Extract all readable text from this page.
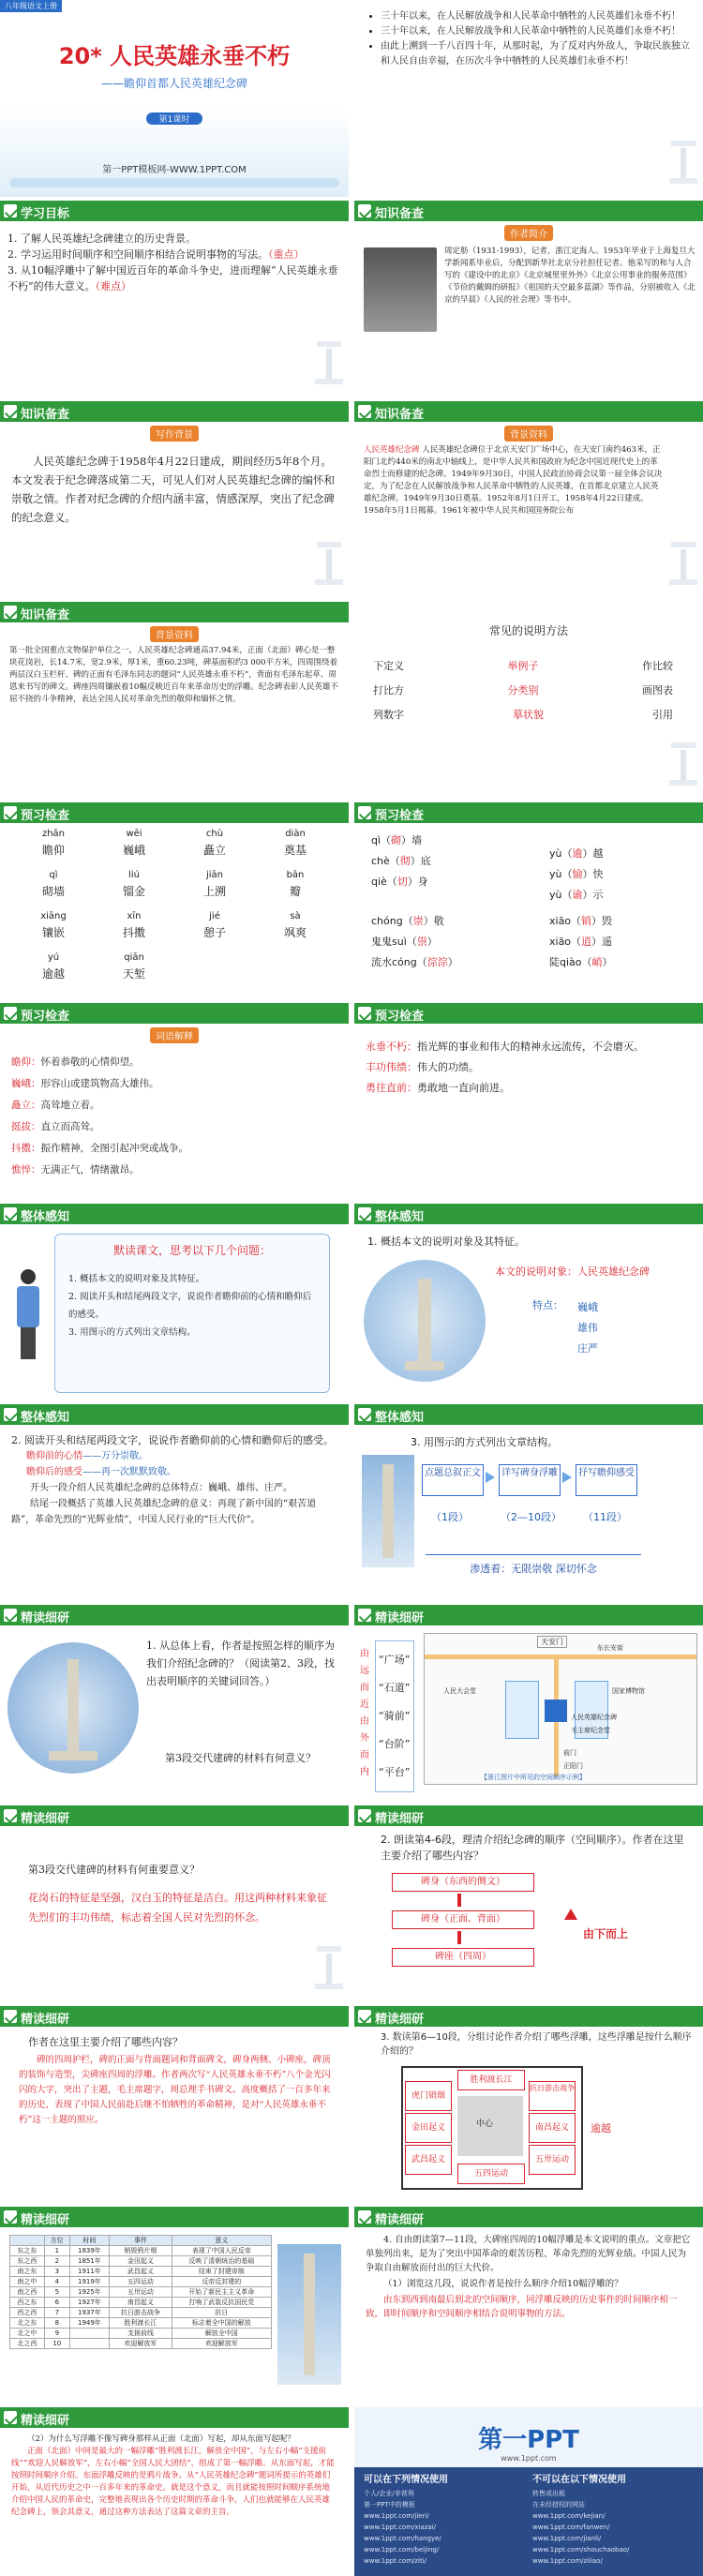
八年级语文上册
20* 人民英雄永垂不朽
——瞻仰首都人民英雄纪念碑
第1课时
第一PPT模板网-WWW.1PPT.COM
• 三十年以来，在人民解放战争和人民革命中牺牲的人民英雄们永垂不朽！
• 三十年以来，在人民解放战争和人民革命中牺牲的人民英雄们永垂不朽！
• 由此上溯到一千八百四十年，从那时起，为了反对内外敌人，争取民族独立和人民自由幸福，在历次斗争中牺牲的人民英雄们永垂不朽！
学习目标
1. 了解人民英雄纪念碑建立的历史背景。
2. 学习运用时间顺序和空间顺序相结合说明事物的写法。（重点）
3. 从10幅浮雕中了解中国近百年的革命斗争史，进而理解“人民英雄永垂不朽”的伟大意义。（难点）
知识备查
作者简介
周定舫（1931-1993），记者，浙江定海人。1953年毕业于上海复旦大学新闻系毕业后，分配到新华社北京分社担任记者。他采写的和与人合写的《建设中的北京》《北京城里里外外》《北京公用事业的服务范围》《节俭的戴姆的研报》《祖国的天空最多蓝湖》等作品，分别被收入《北京的早晨》《人民的社会理》等书中。
知识备查
写作背景
人民英雄纪念碑于1958年4月22日建成，期间经历5年8个月。本文发表于纪念碑落成第二天，可见人们对人民英雄纪念碑的编怀和崇敬之情。作者对纪念碑的介绍内涵丰富，情感深厚，突出了纪念碑的纪念意义。
知识备查
背景资料
人民英雄纪念碑 人民英雄纪念碑位于北京天安门广场中心，在天安门南约463米，正阳门北约440米的南北中轴线上，是中华人民共和国政府为纪念中国近现代史上的革命烈士而修建的纪念碑。1949年9月30日，中国人民政治协商会议第一届全体会议决定，为了纪念在人民解放战争和人民革命中牺牲的人民英雄，在首都北京建立人民英雄纪念碑。1949年9月30日奠基。1952年8月1日开工，1958年4月22日建成。1958年5月1日揭幕。1961年被中华人民共和国国务院公布
知识备查
背景资料
第一批全国重点文物保护单位之一。人民英雄纪念碑通高37.94米，正面（北面）碑心是一整块花岗岩，长14.7米，宽2.9米，厚1米，重60.23吨，碑基面积约3 000平方米，四周围绕着两层汉白玉栏杆。碑的正面有毛泽东同志的题词“人民英雄永垂不朽”，背面有毛泽东起草、周恩来书写的碑文。碑座四周镶嵌着10幅反映近百年来革命历史的浮雕。纪念碑表彰人民英雄不屈不挠的斗争精神，表达全国人民对革命先烈的敬仰和缅怀之情。
常见的说明方法
下定义	举例子	作比较
打比方	分类别	画图表
列数字	摹状貌	引用
预习检查
zhān	wēi	chù	diàn
瞻仰	巍峨	矗立	奠基
qì	liú	jiān	bān
砌墙	镏金	上溯	瓣
xiāng	xīn	jié	sà
镶嵌	抖擞	憩子	飒爽
yú	qiān
逾越	天堑
预习检查
qì（砌）墙
chè（彻）底
qiè（切）身
yù（逾）越
yù（愉）快
yù（谕）示
chóng（崇）敬
鬼鬼suì（祟）
流水cóng（淙淙）
xiāo（销）毁
xiāo（逍）遥
陡qiào（峭）
预习检查
词语解释
瞻仰：怀着恭敬的心情仰望。
巍峨：形容山或建筑物高大雄伟。
矗立：高耸地立着。
挺拔：直立而高耸。
抖擞：振作精神，全图引起冲突或战争。
憔悴：无满正气，情绪激昂。
预习检查
永垂不朽：指光辉的事业和伟大的精神永远流传，不会磨灭。
丰功伟绩：伟大的功绩。
勇往直前：勇敢地一直向前进。
整体感知
默读课文，思考以下几个问题：
1. 概括本文的说明对象及其特征。
2. 阅读开头和结尾两段文字，说说作者瞻仰前的心情和瞻仰后的感受。
3. 用图示的方式列出文章结构。
整体感知
1. 概括本文的说明对象及其特征。
本文的说明对象：人民英雄纪念碑
特点： 巍峨
雄伟
庄严
整体感知
2. 阅读开头和结尾两段文字，说说作者瞻仰前的心情和瞻仰后的感受。
瞻仰前的心情——万分崇敬。
瞻仰后的感受——再一次默默致敬。
开头一段介绍人民英雄纪念碑的总体特点：巍峨、雄伟、庄严。
结尾一段概括了英雄人民英雄纪念碑的意义：再现了新中国的“艰苦道路”，革命先烈的“光辉业绩”，中国人民行业的“巨大代价”。
整体感知
3. 用图示的方式列出文章结构。
点题总叙正文	详写碑身浮雕	抒写瞻仰感受
（1段）	（2—10段） （11段）
渗透着：无限崇敬 深切怀念
精读细研
1. 从总体上看，作者是按照怎样的顺序为我们介绍纪念碑的？（阅读第2、3段，找出表明顺序的关键词回答。）
第3段交代建碑的材料有何意义？
精读细研
由
远
而
近
由
外
而
内
“广场”
“石道”
“骑前”
“台阶”
“平台”
天安门
东长安街
国家博物馆
人民大会堂
人民英雄纪念碑
毛主席纪念堂
前门
正阳门
【浙江图片中所见的空间顺序示例】
精读细研
第3段交代建碑的材料有何重要意义？
花岗石的特征是坚强，汉白玉的特征是洁白。用这两种材料来象征先烈们的丰功伟绩，标志着全国人民对先烈的怀念。
精读细研
2. 朗读第4-6段，理清介绍纪念碑的顺序（空间顺序）。作者在这里主要介绍了哪些内容？
碑身（东西的侧文）
碑身（正面、背面）
碑座（四周）
由下而上
精读细研
作者在这里主要介绍了哪些内容？
碑的四周护栏，碑的正面与背面题词和背面碑文，碑身两侧、小碑座，碑顶的装饰与造型，尖碑座四周的浮雕。作者两次写“人民英雄永垂不朽”八个金光闪闪的大字，突出了主题，毛主席题字，周总理手书碑文。高度概括了一百多年来的历史，表现了中国人民前赴后继不怕牺牲的革命精神，是对“人民英雄永垂不朽”这一主题的照应。
精读细研
3. 数读第6—10段，分组讨论作者介绍了哪些浮雕，这些浮雕是按什么顺序介绍的？
中心
虎门销烟
金田起义
武昌起义
五四运动
五卅运动
南昌起义
抗日游击战争
胜利渡长江
逾越
精读细研
	方位	时间	事件	意义
东之东	1	1839年	销毁鸦片烟	表现了中国人民反帝
东之西	2	1851年	金田起义	反映了清朝统治的基础
南之东	3	1911年	武昌起义	结束了封建帝制
南之中	4	1919年	五四运动	反帝反封建的
南之西	5	1925年	五卅运动	开始了新民主主义革命
西之东	6	1927年	南昌起义	打响了武装反抗国民党
西之西	7	1937年	抗日游击战争	抗日
北之东	8	1949年	胜利渡长江	标志着全中国的解放
北之中	9		支援前线	解放全中国
北之西	10		欢迎解放军	欢迎解放军
精读细研
4. 自由朗读第7—11段，大碑座四周的10幅浮雕是本文说明的重点。文章把它单独列出来，是为了突出中国革命的艰苦历程、革命先烈的光辉业绩。中国人民为争取自由解放而付出的巨大代价。
（1）浏览这几段，说说作者是按什么顺序介绍10幅浮雕的？
由东到西到南最后到北的空间顺序，同浮雕反映的历史事件的时间顺序相一致，即时间顺序和空间顺序相结合说明事物的方法。
精读细研
（2）为什么写浮雕不像写碑身那样从正面（北面）写起，却从东面写起呢？
正面（北面）中间是最大的一幅浮雕“胜利渡长江，解放全中国”，与左右小幅“支援前线”“欢迎人民解放军”，左右小幅“全国人民大团结”，组成了第一幅浮雕。从东面写起，才能按照时间顺序介绍。东面浮雕反映的是鸦片战争。从“人民英雄纪念碑”题词所提示的英雄们开始，从近代历史之中一百多年来的革命史。就是这个意义，而且就能按照时间顺序系统地介绍中国人民的革命史，完整地表现出各个历史时期的革命斗争，人们也就能够在人民英雄纪念碑上，领会其意义，通过这种方法表达了这篇文章的主旨。
第一PPT
www.1ppt.com
可以在下列情况使用	不可以在以下情况使用
个人/企业/非营利
第一PPT中的模板
www.1ppt.com/jieri/
www.1ppt.com/xiazai/
www.1ppt.com/hangye/
www.1ppt.com/beijing/
www.1ppt.com/ziti/
转售或出租
在未经授权的网站
www.1ppt.com/kejian/
www.1ppt.com/fanwen/
www.1ppt.com/jianli/
www.1ppt.com/shouchaobao/
www.1ppt.com/ziliao/
